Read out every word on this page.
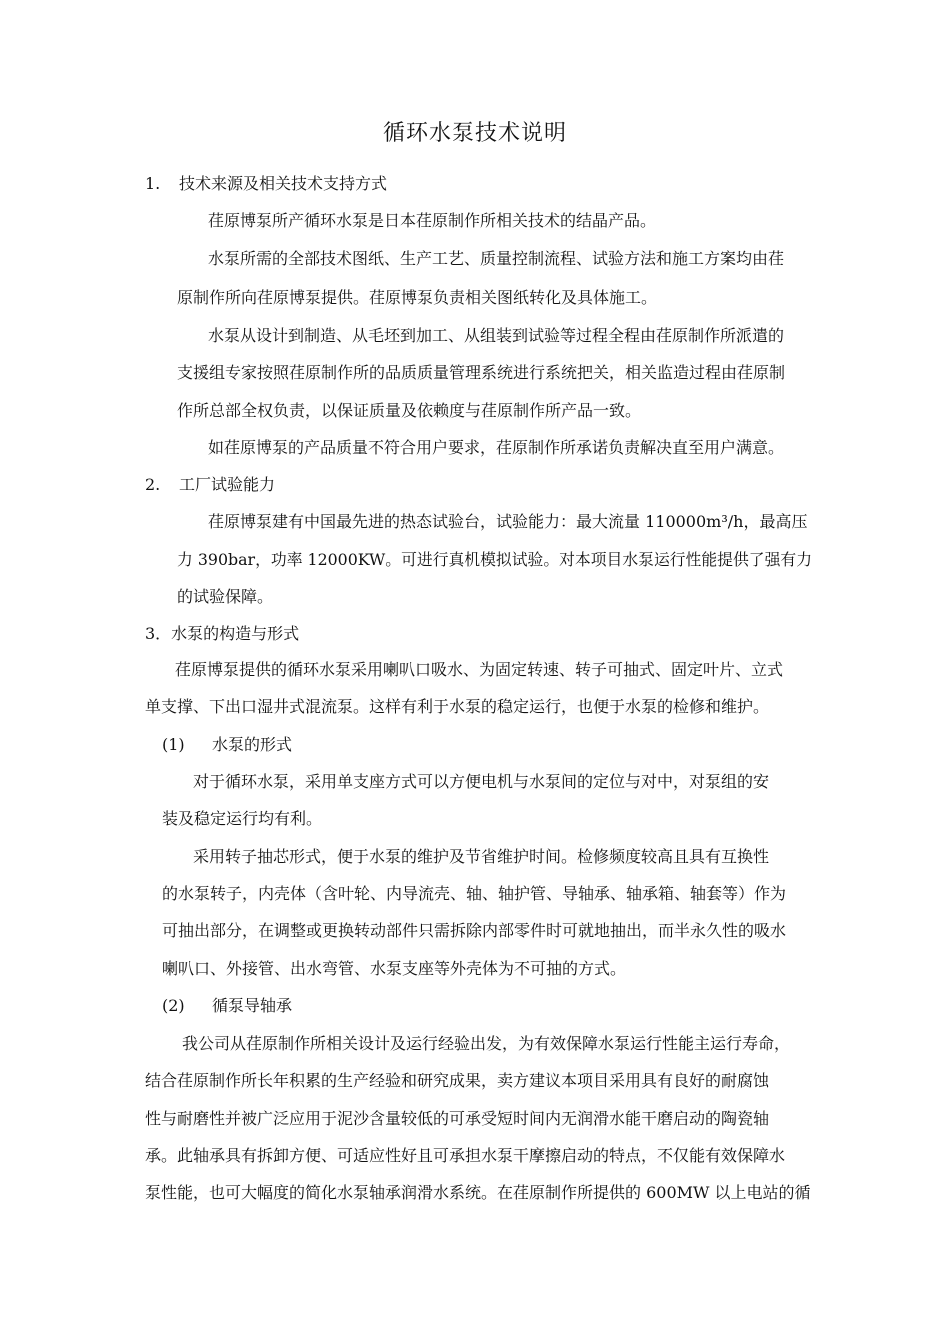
循环水泵技术说明
1. 技术来源及相关技术支持方式
荏原博泵所产循环水泵是日本荏原制作所相关技术的结晶产品。
水泵所需的全部技术图纸、生产工艺、质量控制流程、试验方法和施工方案均由荏
原制作所向荏原博泵提供。荏原博泵负责相关图纸转化及具体施工。
水泵从设计到制造、从毛坯到加工、从组装到试验等过程全程由荏原制作所派遣的
支援组专家按照荏原制作所的品质质量管理系统进行系统把关，相关监造过程由荏原制
作所总部全权负责，以保证质量及依赖度与荏原制作所产品一致。
如荏原博泵的产品质量不符合用户要求，荏原制作所承诺负责解决直至用户满意。
2. 工厂试验能力
荏原博泵建有中国最先进的热态试验台，试验能力：最大流量 110000m³/h，最高压
力 390bar，功率 12000KW。可进行真机模拟试验。对本项目水泵运行性能提供了强有力
的试验保障。
3．水泵的构造与形式
荏原博泵提供的循环水泵采用喇叭口吸水、为固定转速、转子可抽式、固定叶片、立式
单支撑、下出口湿井式混流泵。这样有利于水泵的稳定运行，也便于水泵的检修和维护。
(1) 水泵的形式
对于循环水泵，采用单支座方式可以方便电机与水泵间的定位与对中，对泵组的安
装及稳定运行均有利。
采用转子抽芯形式，便于水泵的维护及节省维护时间。检修频度较高且具有互换性
的水泵转子，内壳体（含叶轮、内导流壳、轴、轴护管、导轴承、轴承箱、轴套等）作为
可抽出部分，在调整或更换转动部件只需拆除内部零件时可就地抽出，而半永久性的吸水
喇叭口、外接管、出水弯管、水泵支座等外壳体为不可抽的方式。
(2) 循泵导轴承
我公司从荏原制作所相关设计及运行经验出发，为有效保障水泵运行性能主运行寿命，
结合荏原制作所长年积累的生产经验和研究成果，卖方建议本项目采用具有良好的耐腐蚀
性与耐磨性并被广泛应用于泥沙含量较低的可承受短时间内无润滑水能干磨启动的陶瓷轴
承。此轴承具有拆卸方便、可适应性好且可承担水泵干摩擦启动的特点，不仅能有效保障水
泵性能，也可大幅度的简化水泵轴承润滑水系统。在荏原制作所提供的 600MW 以上电站的循
